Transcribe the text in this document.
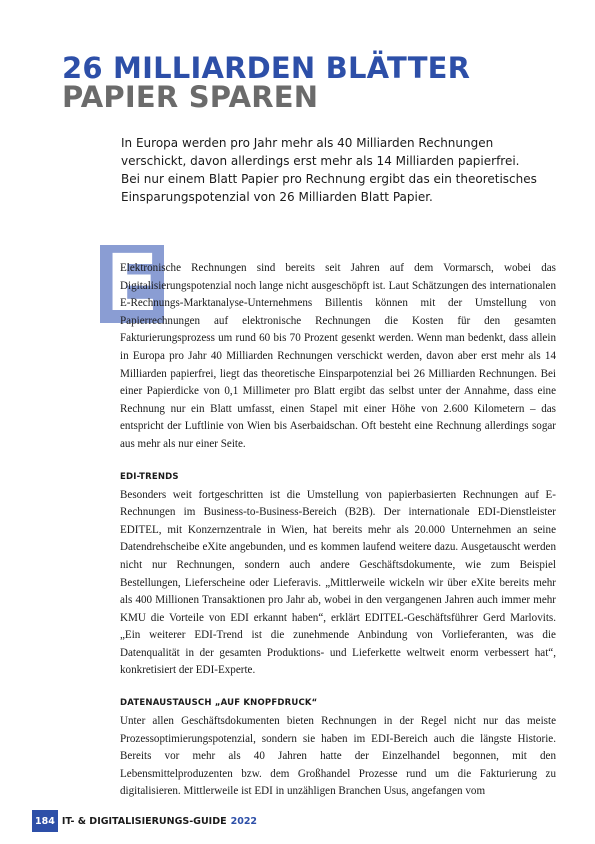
26 MILLIARDEN BLÄTTER
PAPIER SPAREN

In Europa werden pro Jahr mehr als 40 Milliarden Rechnungen verschickt, davon allerdings erst mehr als 14 Milliarden papierfrei. Bei nur einem Blatt Papier pro Rechnung ergibt das ein theoretisches Einsparungspotenzial von 26 Milliarden Blatt Papier.

E

Elektronische Rechnungen sind bereits seit Jahren auf dem Vormarsch, wobei das Digitalisierungspotenzial noch lange nicht ausgeschöpft ist. Laut Schätzungen des internationalen E-Rechnungs-Marktanalyse-Unternehmens Billentis können mit der Umstellung von Papierrechnungen auf elektronische Rechnungen die Kosten für den gesamten Fakturierungsprozess um rund 60 bis 70 Prozent gesenkt werden. Wenn man bedenkt, dass allein in Europa pro Jahr 40 Milliarden Rechnungen verschickt werden, davon aber erst mehr als 14 Milliarden papierfrei, liegt das theoretische Einsparpotenzial bei 26 Milliarden Rechnungen. Bei einer Papierdicke von 0,1 Millimeter pro Blatt ergibt das selbst unter der Annahme, dass eine Rechnung nur ein Blatt umfasst, einen Stapel mit einer Höhe von 2.600 Kilometern – das entspricht der Luftlinie von Wien bis Aserbaidschan. Oft besteht eine Rechnung allerdings sogar aus mehr als nur einer Seite.

EDI-TRENDS

Besonders weit fortgeschritten ist die Umstellung von papierbasierten Rechnungen auf E-Rechnungen im Business-to-Business-Bereich (B2B). Der internationale EDI-Dienstleister EDITEL, mit Konzernzentrale in Wien, hat bereits mehr als 20.000 Unternehmen an seine Datendrehscheibe eXite angebunden, und es kommen laufend weitere dazu. Ausgetauscht werden nicht nur Rechnungen, sondern auch andere Geschäftsdokumente, wie zum Beispiel Bestellungen, Lieferscheine oder Lieferavis. „Mittlerweile wickeln wir über eXite bereits mehr als 400 Millionen Transaktionen pro Jahr ab, wobei in den vergangenen Jahren auch immer mehr KMU die Vorteile von EDI erkannt haben“, erklärt EDITEL-Geschäftsführer Gerd Marlovits. „Ein weiterer EDI-Trend ist die zunehmende Anbindung von Vorlieferanten, was die Datenqualität in der gesamten Produktions- und Lieferkette weltweit enorm verbessert hat“, konkretisiert der EDI-Experte.

DATENAUSTAUSCH „AUF KNOPFDRUCK“

Unter allen Geschäftsdokumenten bieten Rechnungen in der Regel nicht nur das meiste Prozessoptimierungspotenzial, sondern sie haben im EDI-Bereich auch die längste Historie. Bereits vor mehr als 40 Jahren hatte der Einzelhandel begonnen, mit den Lebensmittelproduzenten bzw. dem Großhandel Prozesse rund um die Fakturierung zu digitalisieren. Mittlerweile ist EDI in unzähligen Branchen Usus, angefangen vom

184 IT- & DIGITALISIERUNGS-GUIDE 2022
